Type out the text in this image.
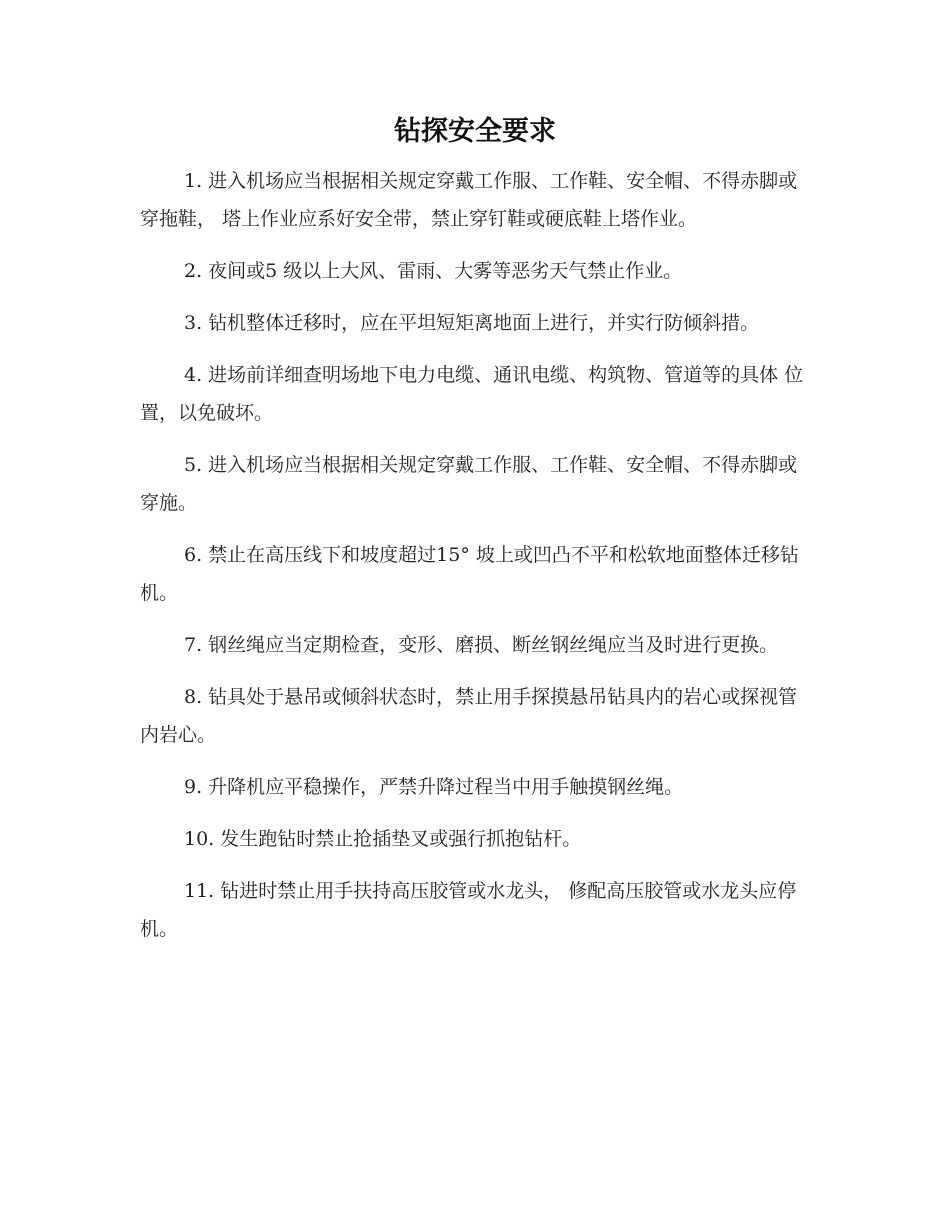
钻探安全要求

1. 进入机场应当根据相关规定穿戴工作服、工作鞋、安全帽、不得赤脚或穿拖鞋， 塔上作业应系好安全带，禁止穿钉鞋或硬底鞋上塔作业。

2. 夜间或5 级以上大风、雷雨、大雾等恶劣天气禁止作业。

3. 钻机整体迁移时，应在平坦短矩离地面上进行，并实行防倾斜措。

4. 进场前详细查明场地下电力电缆、通讯电缆、构筑物、管道等的具体 位置，以免破坏。

5. 进入机场应当根据相关规定穿戴工作服、工作鞋、安全帽、不得赤脚或穿施。

6. 禁止在高压线下和坡度超过15° 坡上或凹凸不平和松软地面整体迁移钻机。

7. 钢丝绳应当定期检查，变形、磨损、断丝钢丝绳应当及时进行更换。

8. 钻具处于悬吊或倾斜状态时，禁止用手探摸悬吊钻具内的岩心或探视管 内岩心。

9. 升降机应平稳操作，严禁升降过程当中用手触摸钢丝绳。

10. 发生跑钻时禁止抢插垫叉或强行抓抱钻杆。

11. 钻进时禁止用手扶持高压胶管或水龙头， 修配高压胶管或水龙头应停机。
